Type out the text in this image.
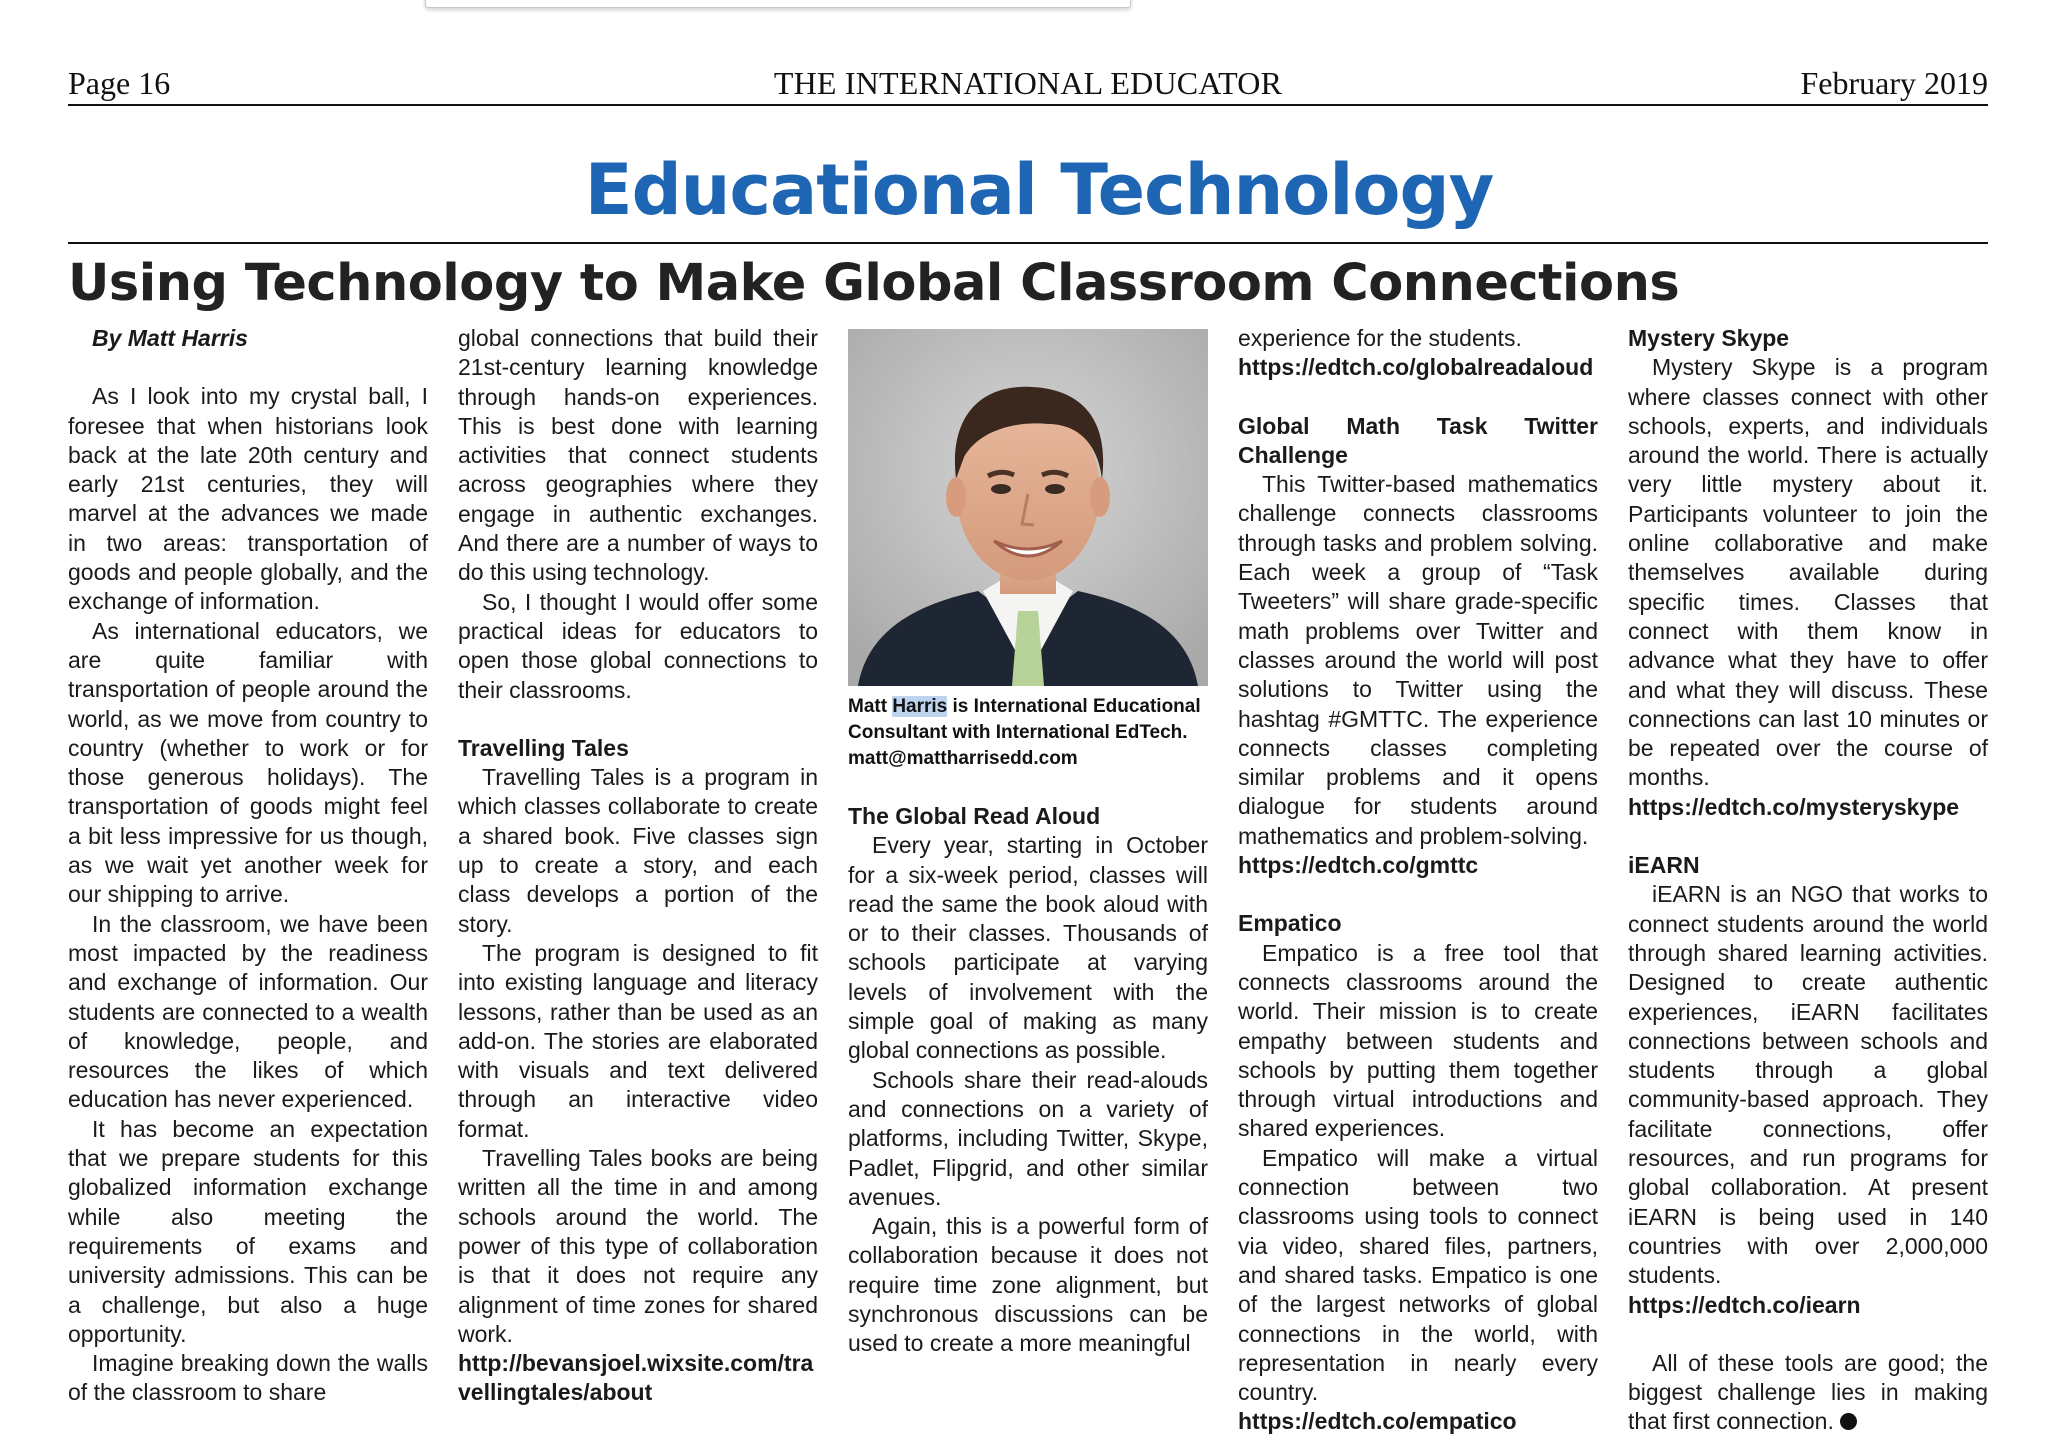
Page 16	THE INTERNATIONAL EDUCATOR	February 2019
Educational Technology
Using Technology to Make Global Classroom Connections

By Matt Harris

As I look into my crystal ball, I foresee that when historians look back at the late 20th century and early 21st centuries, they will marvel at the advances we made in two areas: transportation of goods and people globally, and the exchange of information.

As international educators, we are quite familiar with transportation of people around the world, as we move from country to country (whether to work or for those generous holidays). The transportation of goods might feel a bit less impressive for us though, as we wait yet another week for our shipping to arrive.

In the classroom, we have been most impacted by the readiness and exchange of information. Our students are connected to a wealth of knowledge, people, and resources the likes of which education has never experienced.

It has become an expectation that we prepare students for this globalized information exchange while also meeting the requirements of exams and university admissions. This can be a challenge, but also a huge opportunity.

Imagine breaking down the walls of the classroom to share

global connections that build their 21st-century learning knowledge through hands-on experiences. This is best done with learning activities that connect students across geographies where they engage in authentic exchanges. And there are a number of ways to do this using technology.

So, I thought I would offer some practical ideas for educators to open those global connections to their classrooms.

Travelling Tales

Travelling Tales is a program in which classes collaborate to create a shared book. Five classes sign up to create a story, and each class develops a portion of the story.

The program is designed to fit into existing language and literacy lessons, rather than be used as an add-on. The stories are elaborated with visuals and text delivered through an interactive video format.

Travelling Tales books are being written all the time in and among schools around the world. The power of this type of collaboration is that it does not require any alignment of time zones for shared work.

http://bevansjoel.wixsite.com/travellingtales/about

Matt Harris is International Educational Consultant with International EdTech. matt@mattharrisedd.com

The Global Read Aloud

Every year, starting in October for a six-week period, classes will read the same the book aloud with or to their classes. Thousands of schools participate at varying levels of involvement with the simple goal of making as many global connections as possible.

Schools share their read-alouds and connections on a variety of platforms, including Twitter, Skype, Padlet, Flipgrid, and other similar avenues.

Again, this is a powerful form of collaboration because it does not require time zone alignment, but synchronous discussions can be used to create a more meaningful

experience for the students.

https://edtch.co/globalreadaloud

Global Math Task Twitter Challenge

This Twitter-based mathematics challenge connects classrooms through tasks and problem solving. Each week a group of “Task Tweeters” will share grade-specific math problems over Twitter and classes around the world will post solutions to Twitter using the hashtag #GMTTC. The experience connects classes completing similar problems and it opens dialogue for students around mathematics and problem-solving.

https://edtch.co/gmttc

Empatico

Empatico is a free tool that connects classrooms around the world. Their mission is to create empathy between students and schools by putting them together through virtual introductions and shared experiences.

Empatico will make a virtual connection between two classrooms using tools to connect via video, shared files, partners, and shared tasks. Empatico is one of the largest networks of global connections in the world, with representation in nearly every country.

https://edtch.co/empatico

Mystery Skype

Mystery Skype is a program where classes connect with other schools, experts, and individuals around the world. There is actually very little mystery about it. Participants volunteer to join the online collaborative and make themselves available during specific times. Classes that connect with them know in advance what they have to offer and what they will discuss. These connections can last 10 minutes or be repeated over the course of months.

https://edtch.co/mysteryskype

iEARN

iEARN is an NGO that works to connect students around the world through shared learning activities. Designed to create authentic experiences, iEARN facilitates connections between schools and students through a global community-based approach. They facilitate connections, offer resources, and run programs for global collaboration. At present iEARN is being used in 140 countries with over 2,000,000 students.

https://edtch.co/iearn

All of these tools are good; the biggest challenge lies in making that first connection.
